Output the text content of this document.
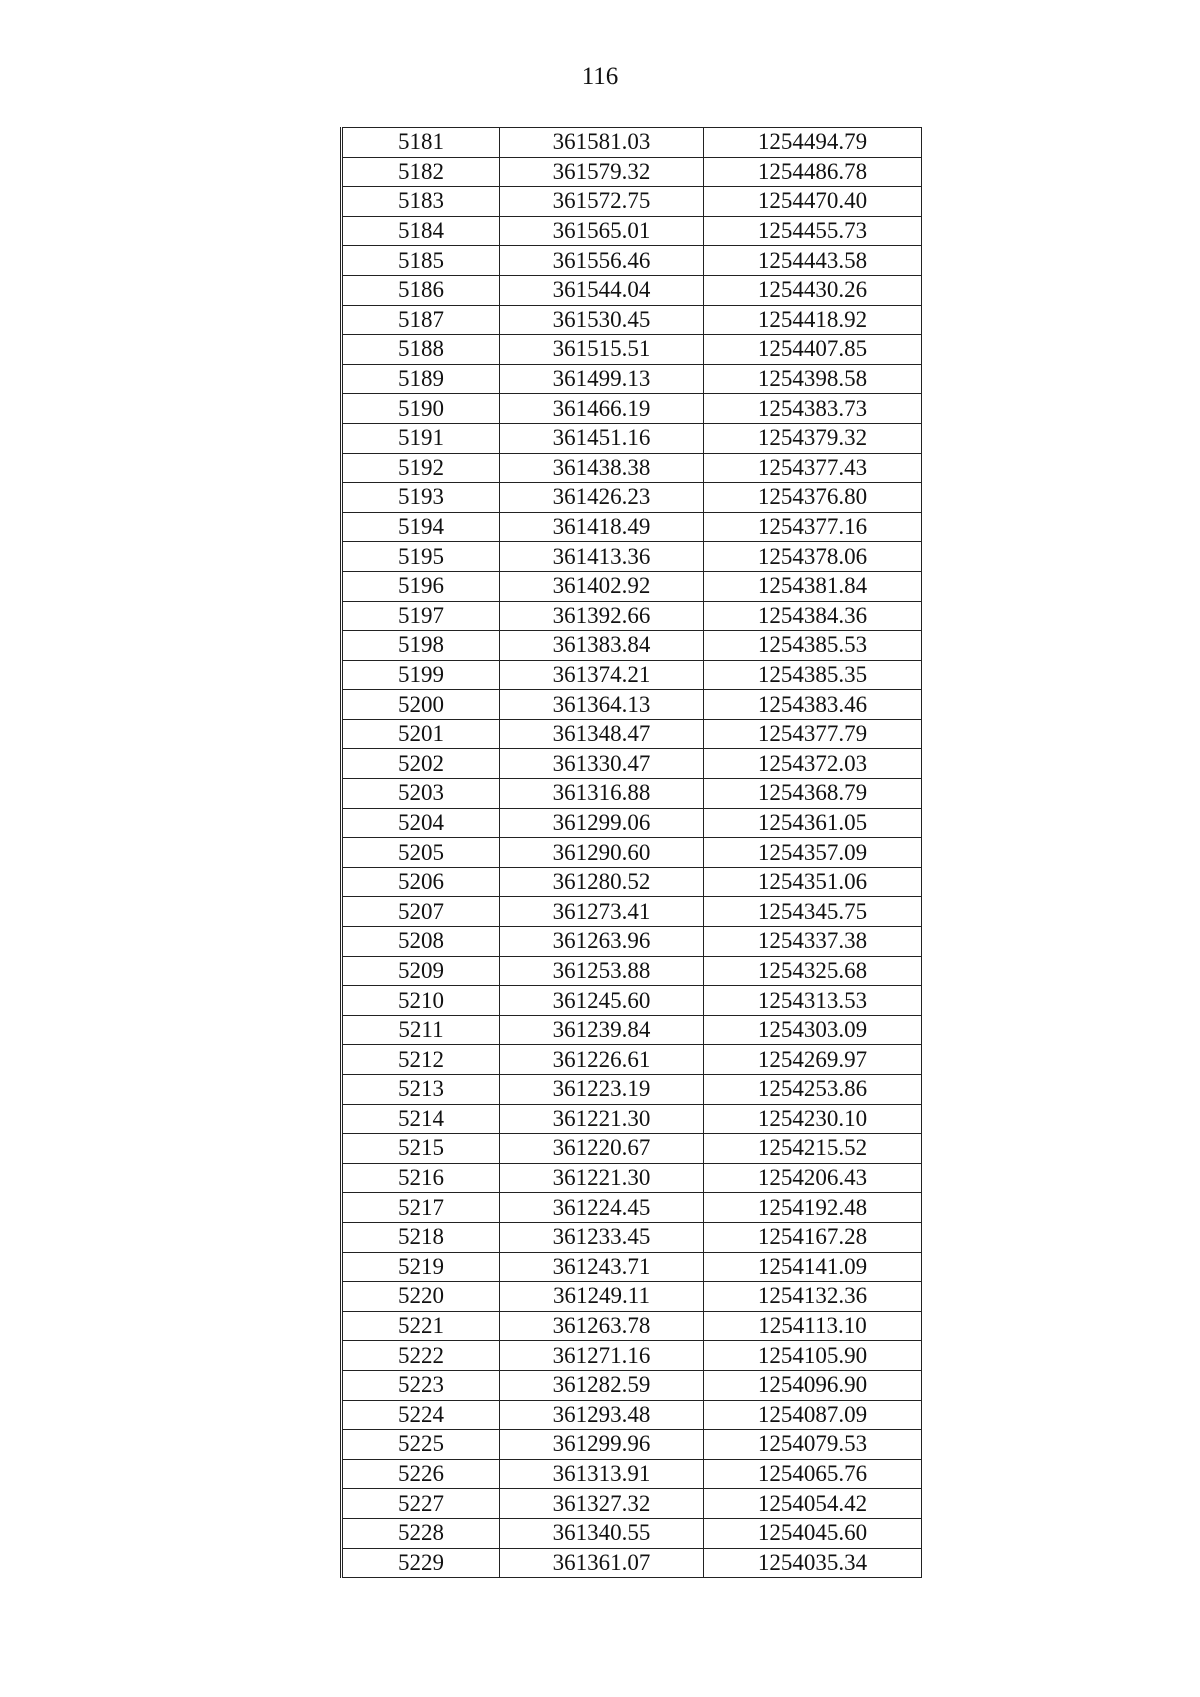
116
5181	361581.03	1254494.79
5182	361579.32	1254486.78
5183	361572.75	1254470.40
5184	361565.01	1254455.73
5185	361556.46	1254443.58
5186	361544.04	1254430.26
5187	361530.45	1254418.92
5188	361515.51	1254407.85
5189	361499.13	1254398.58
5190	361466.19	1254383.73
5191	361451.16	1254379.32
5192	361438.38	1254377.43
5193	361426.23	1254376.80
5194	361418.49	1254377.16
5195	361413.36	1254378.06
5196	361402.92	1254381.84
5197	361392.66	1254384.36
5198	361383.84	1254385.53
5199	361374.21	1254385.35
5200	361364.13	1254383.46
5201	361348.47	1254377.79
5202	361330.47	1254372.03
5203	361316.88	1254368.79
5204	361299.06	1254361.05
5205	361290.60	1254357.09
5206	361280.52	1254351.06
5207	361273.41	1254345.75
5208	361263.96	1254337.38
5209	361253.88	1254325.68
5210	361245.60	1254313.53
5211	361239.84	1254303.09
5212	361226.61	1254269.97
5213	361223.19	1254253.86
5214	361221.30	1254230.10
5215	361220.67	1254215.52
5216	361221.30	1254206.43
5217	361224.45	1254192.48
5218	361233.45	1254167.28
5219	361243.71	1254141.09
5220	361249.11	1254132.36
5221	361263.78	1254113.10
5222	361271.16	1254105.90
5223	361282.59	1254096.90
5224	361293.48	1254087.09
5225	361299.96	1254079.53
5226	361313.91	1254065.76
5227	361327.32	1254054.42
5228	361340.55	1254045.60
5229	361361.07	1254035.34
